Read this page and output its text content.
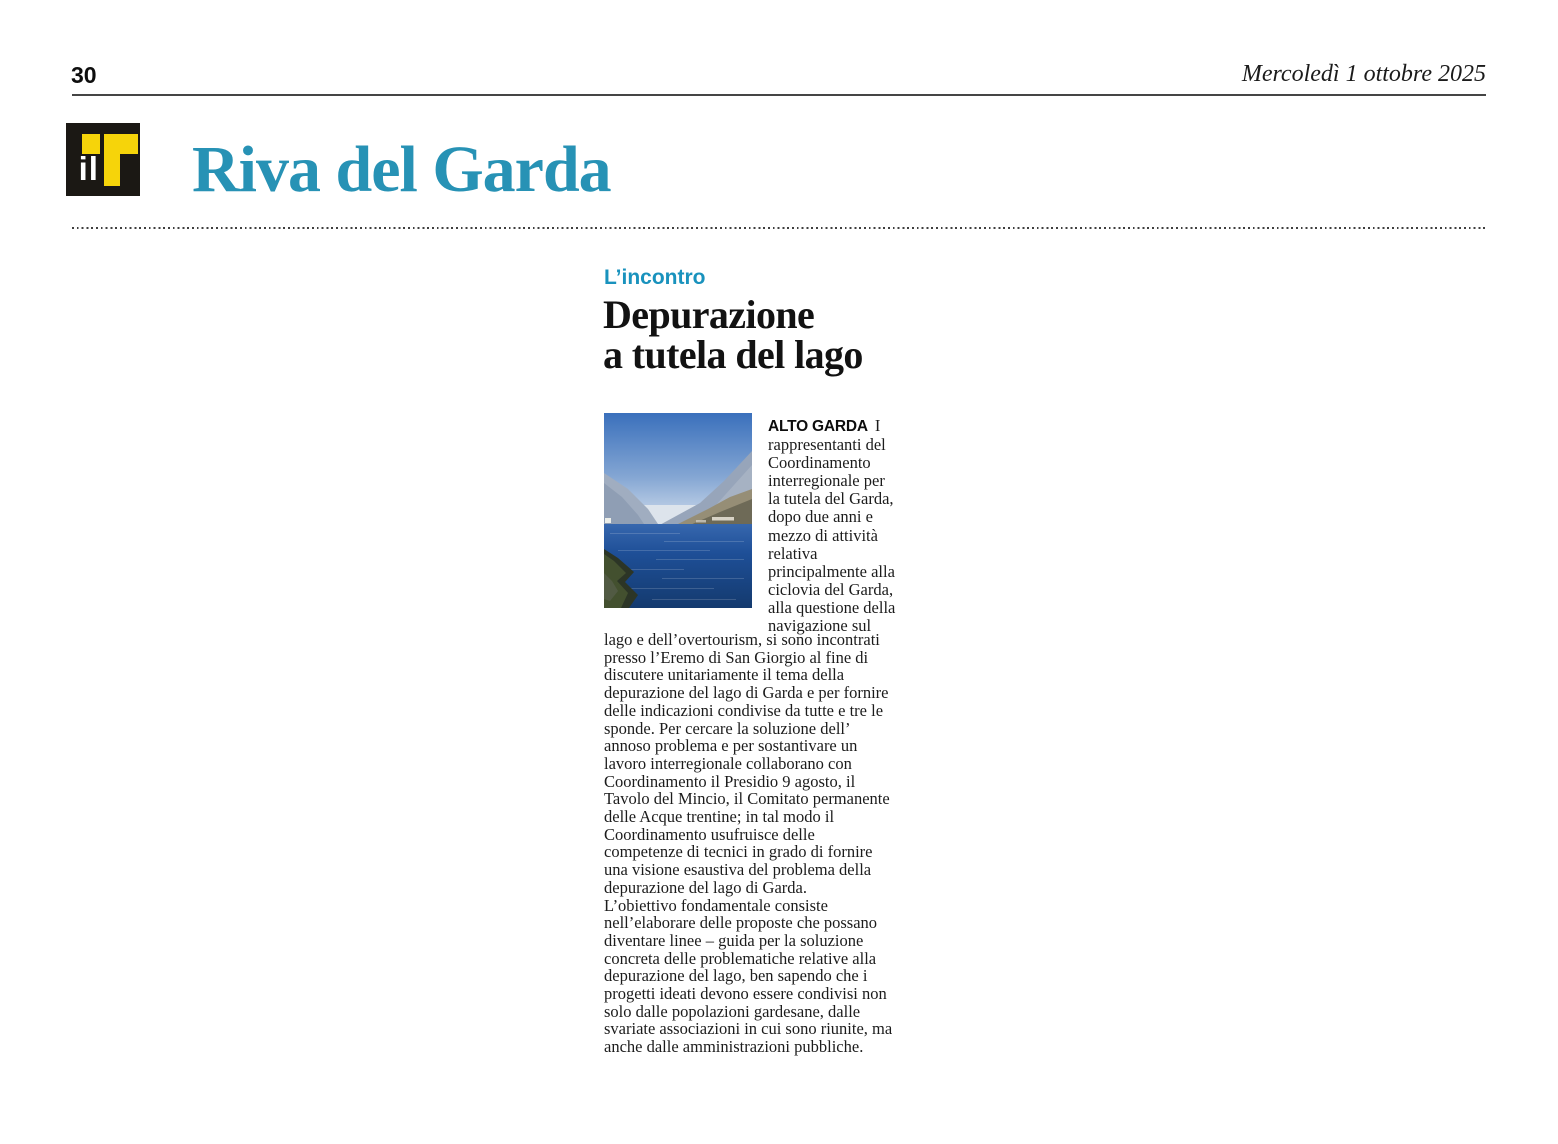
30	Mercoledì 1 ottobre 2025
il Riva del Garda
L’incontro
Depurazione
a tutela del lago
ALTO GARDA I
rappresentanti del
Coordinamento
interregionale per
la tutela del Garda,
dopo due anni e
mezzo di attività
relativa
principalmente alla
ciclovia del Garda,
alla questione della
navigazione sul
lago e dell’overtourism, si sono incontrati
presso l’Eremo di San Giorgio al fine di
discutere unitariamente il tema della
depurazione del lago di Garda e per fornire
delle indicazioni condivise da tutte e tre le
sponde. Per cercare la soluzione dell’
annoso problema e per sostantivare un
lavoro interregionale collaborano con
Coordinamento il Presidio 9 agosto, il
Tavolo del Mincio, il Comitato permanente
delle Acque trentine; in tal modo il
Coordinamento usufruisce delle
competenze di tecnici in grado di fornire
una visione esaustiva del problema della
depurazione del lago di Garda.
L’obiettivo fondamentale consiste
nell’elaborare delle proposte che possano
diventare linee – guida per la soluzione
concreta delle problematiche relative alla
depurazione del lago, ben sapendo che i
progetti ideati devono essere condivisi non
solo dalle popolazioni gardesane, dalle
svariate associazioni in cui sono riunite, ma
anche dalle amministrazioni pubbliche.
